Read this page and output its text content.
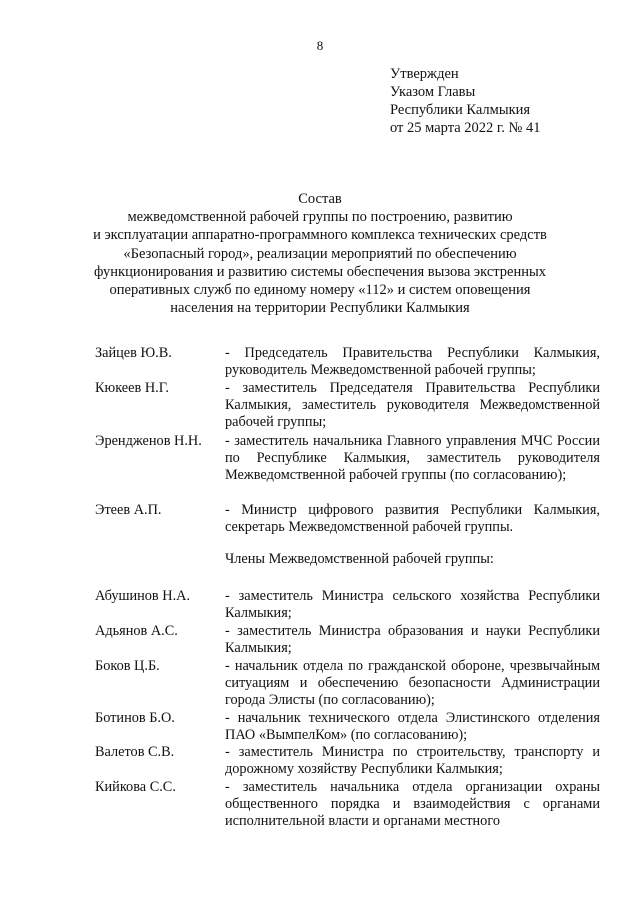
8
Утвержден
Указом Главы
Республики Калмыкия
от 25 марта 2022 г. № 41
Состав
межведомственной рабочей группы по построению, развитию
и эксплуатации аппаратно-программного комплекса технических средств
«Безопасный город», реализации мероприятий по обеспечению
функционирования и развитию системы обеспечения вызова экстренных
оперативных служб по единому номеру «112» и систем оповещения
населения на территории Республики Калмыкия
Зайцев Ю.В.	- Председатель Правительства Республики Калмыкия, руководитель Межведомственной рабочей группы;
Кюкеев Н.Г.	- заместитель Председателя Правительства Республики Калмыкия, заместитель руководителя Межведомственной рабочей группы;
Эрендженов Н.Н. - заместитель начальника Главного управления МЧС России по Республике Калмыкия, заместитель руководителя Межведомственной рабочей группы (по согласованию);
Этеев А.П.	- Министр цифрового развития Республики Калмыкия, секретарь Межведомственной рабочей группы.
Члены Межведомственной рабочей группы:
Абушинов Н.А. - заместитель Министра сельского хозяйства Республики Калмыкия;
Адьянов А.С.	- заместитель Министра образования и науки Республики Калмыкия;
Боков Ц.Б.	- начальник отдела по гражданской обороне, чрезвычайным ситуациям и обеспечению безопасности Администрации города Элисты (по согласованию);
Ботинов Б.О.	- начальник технического отдела Элистинского отделения ПАО «ВымпелКом» (по согласованию);
Валетов С.В.	- заместитель Министра по строительству, транспорту и дорожному хозяйству Республики Калмыкия;
Кийкова С.С.	- заместитель начальника отдела организации охраны общественного порядка и взаимодействия с органами исполнительной власти и органами местного
